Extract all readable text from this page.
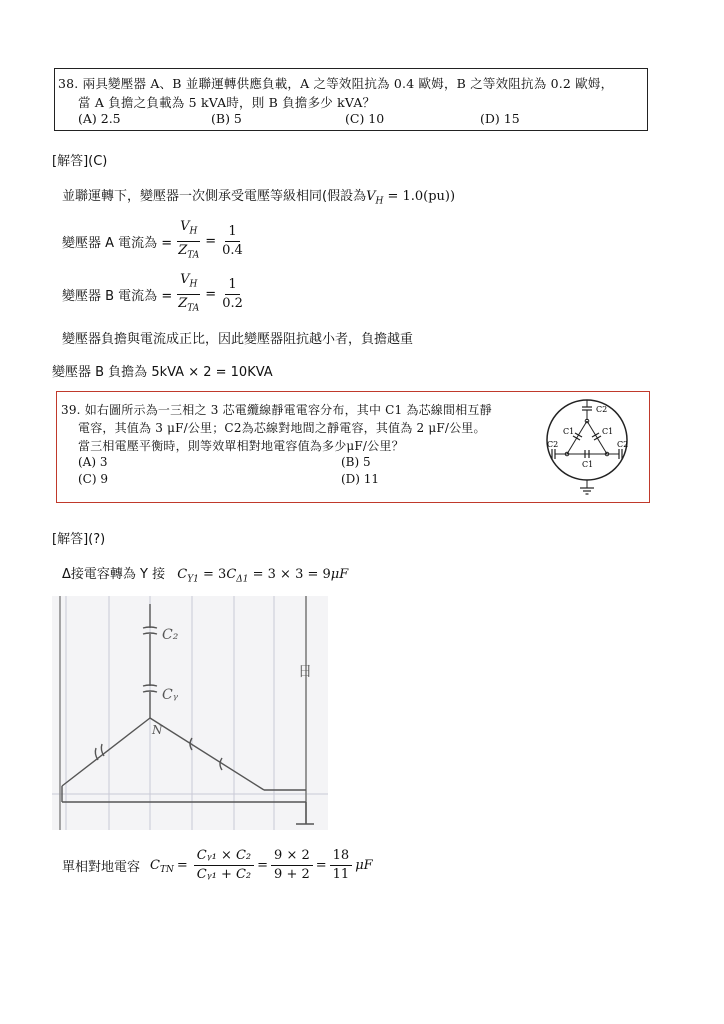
38. 兩具變壓器 A、B 並聯運轉供應負載，A 之等效阻抗為 0.4 歐姆，B 之等效阻抗為 0.2 歐姆，
當 A 負擔之負載為 5 kVA時，則 B 負擔多少 kVA？
(A) 2.5	(B) 5	(C) 10	(D) 15
[解答](C)
並聯運轉下，變壓器一次側承受電壓等級相同(假設為$V_H = 1.0(pu)$)
變壓器 A 電流為 = $\frac{V_H}{Z_{TA}} = \frac{1}{0.4}$
變壓器 B 電流為 = $\frac{V_H}{Z_{TA}} = \frac{1}{0.2}$
變壓器負擔與電流成正比，因此變壓器阻抗越小者，負擔越重
變壓器 B 負擔為 5kVA × 2 = 10KVA
39. 如右圖所示為一三相之 3 芯電纜線靜電電容分布，其中 C1 為芯線間相互靜
電容，其值為 3 μF/公里；C2為芯線對地間之靜電容，其值為 2 μF/公里。
當三相電壓平衡時，則等效單相對地電容值為多少μF/公里？
(A) 3	(B) 5
(C) 9	(D) 11
C2
C1	C1
C2	C2
C1
[解答](?)
Δ接電容轉為 Y 接 $C_{Y1} = 3C_{\Delta 1} = 3 \times 3 = 9\mu F$
C₂
Cᵧ
N
日
單相對地電容 $C_{TN} = \frac{\text{Cᵧ₁ × C₂}}{\text{Cᵧ₁ + C₂}} = \frac{9 \times 2}{9 + 2} = \frac{18}{11}$ μF
